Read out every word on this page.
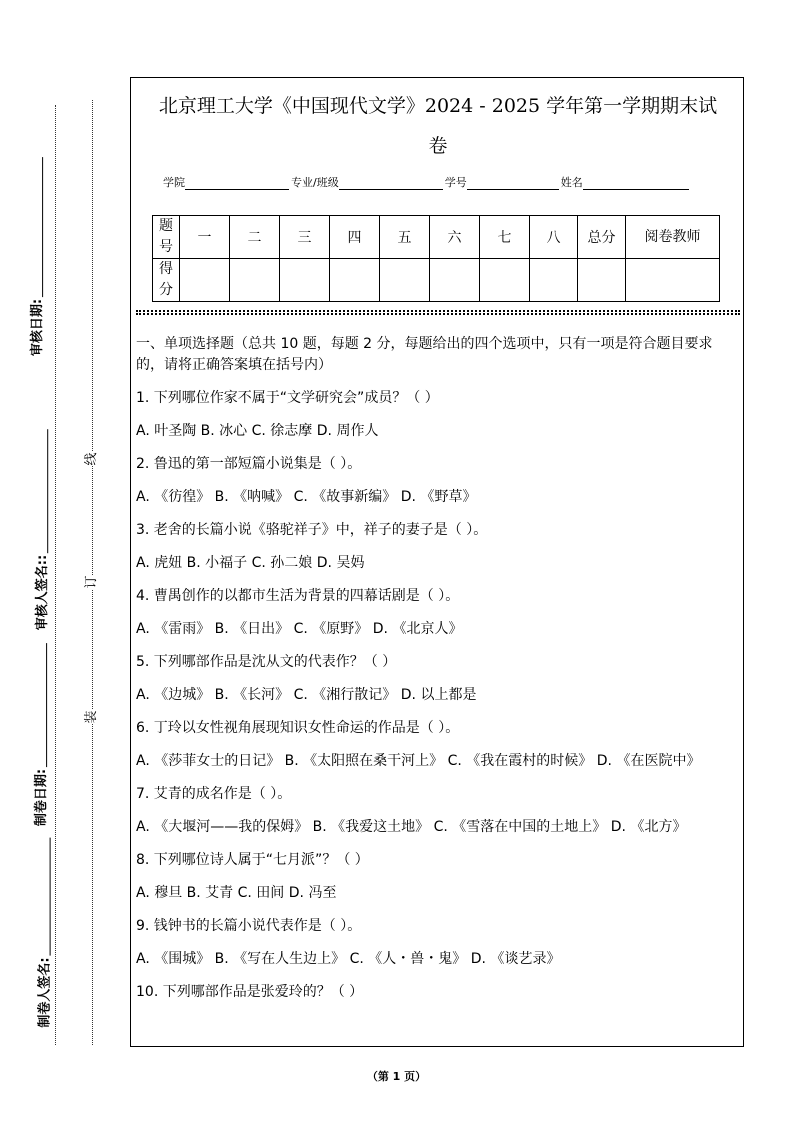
审核日期:
审核人签名::
制卷日期:
制卷人签名:
线
订
装
北京理工大学《中国现代文学》2024 - 2025 学年第一学期期末试
卷
学院	专业/班级	学号	姓名
题号	一	二	三	四	五	六	七	八	总分	阅卷教师

得分										

一、单项选择题（总共 10 题，每题 2 分，每题给出的四个选项中，只有一项是符合题目要求的，请将正确答案填在括号内）
1. 下列哪位作家不属于“文学研究会”成员？（ ）
A. 叶圣陶 B. 冰心 C. 徐志摩 D. 周作人
2. 鲁迅的第一部短篇小说集是（ ）。
A. 《彷徨》 B. 《呐喊》 C. 《故事新编》 D. 《野草》
3. 老舍的长篇小说《骆驼祥子》中，祥子的妻子是（ ）。
A. 虎妞 B. 小福子 C. 孙二娘 D. 吴妈
4. 曹禺创作的以都市生活为背景的四幕话剧是（ ）。
A. 《雷雨》 B. 《日出》 C. 《原野》 D. 《北京人》
5. 下列哪部作品是沈从文的代表作？（ ）
A. 《边城》 B. 《长河》 C. 《湘行散记》 D. 以上都是
6. 丁玲以女性视角展现知识女性命运的作品是（ ）。
A. 《莎菲女士的日记》 B. 《太阳照在桑干河上》 C. 《我在霞村的时候》 D. 《在医院中》
7. 艾青的成名作是（ ）。
A. 《大堰河——我的保姆》 B. 《我爱这土地》 C. 《雪落在中国的土地上》 D. 《北方》
8. 下列哪位诗人属于“七月派”？（ ）
A. 穆旦 B. 艾青 C. 田间 D. 冯至
9. 钱钟书的长篇小说代表作是（ ）。
A. 《围城》 B. 《写在人生边上》 C. 《人・兽・鬼》 D. 《谈艺录》
10. 下列哪部作品是张爱玲的？（ ）
（第 1 页）
